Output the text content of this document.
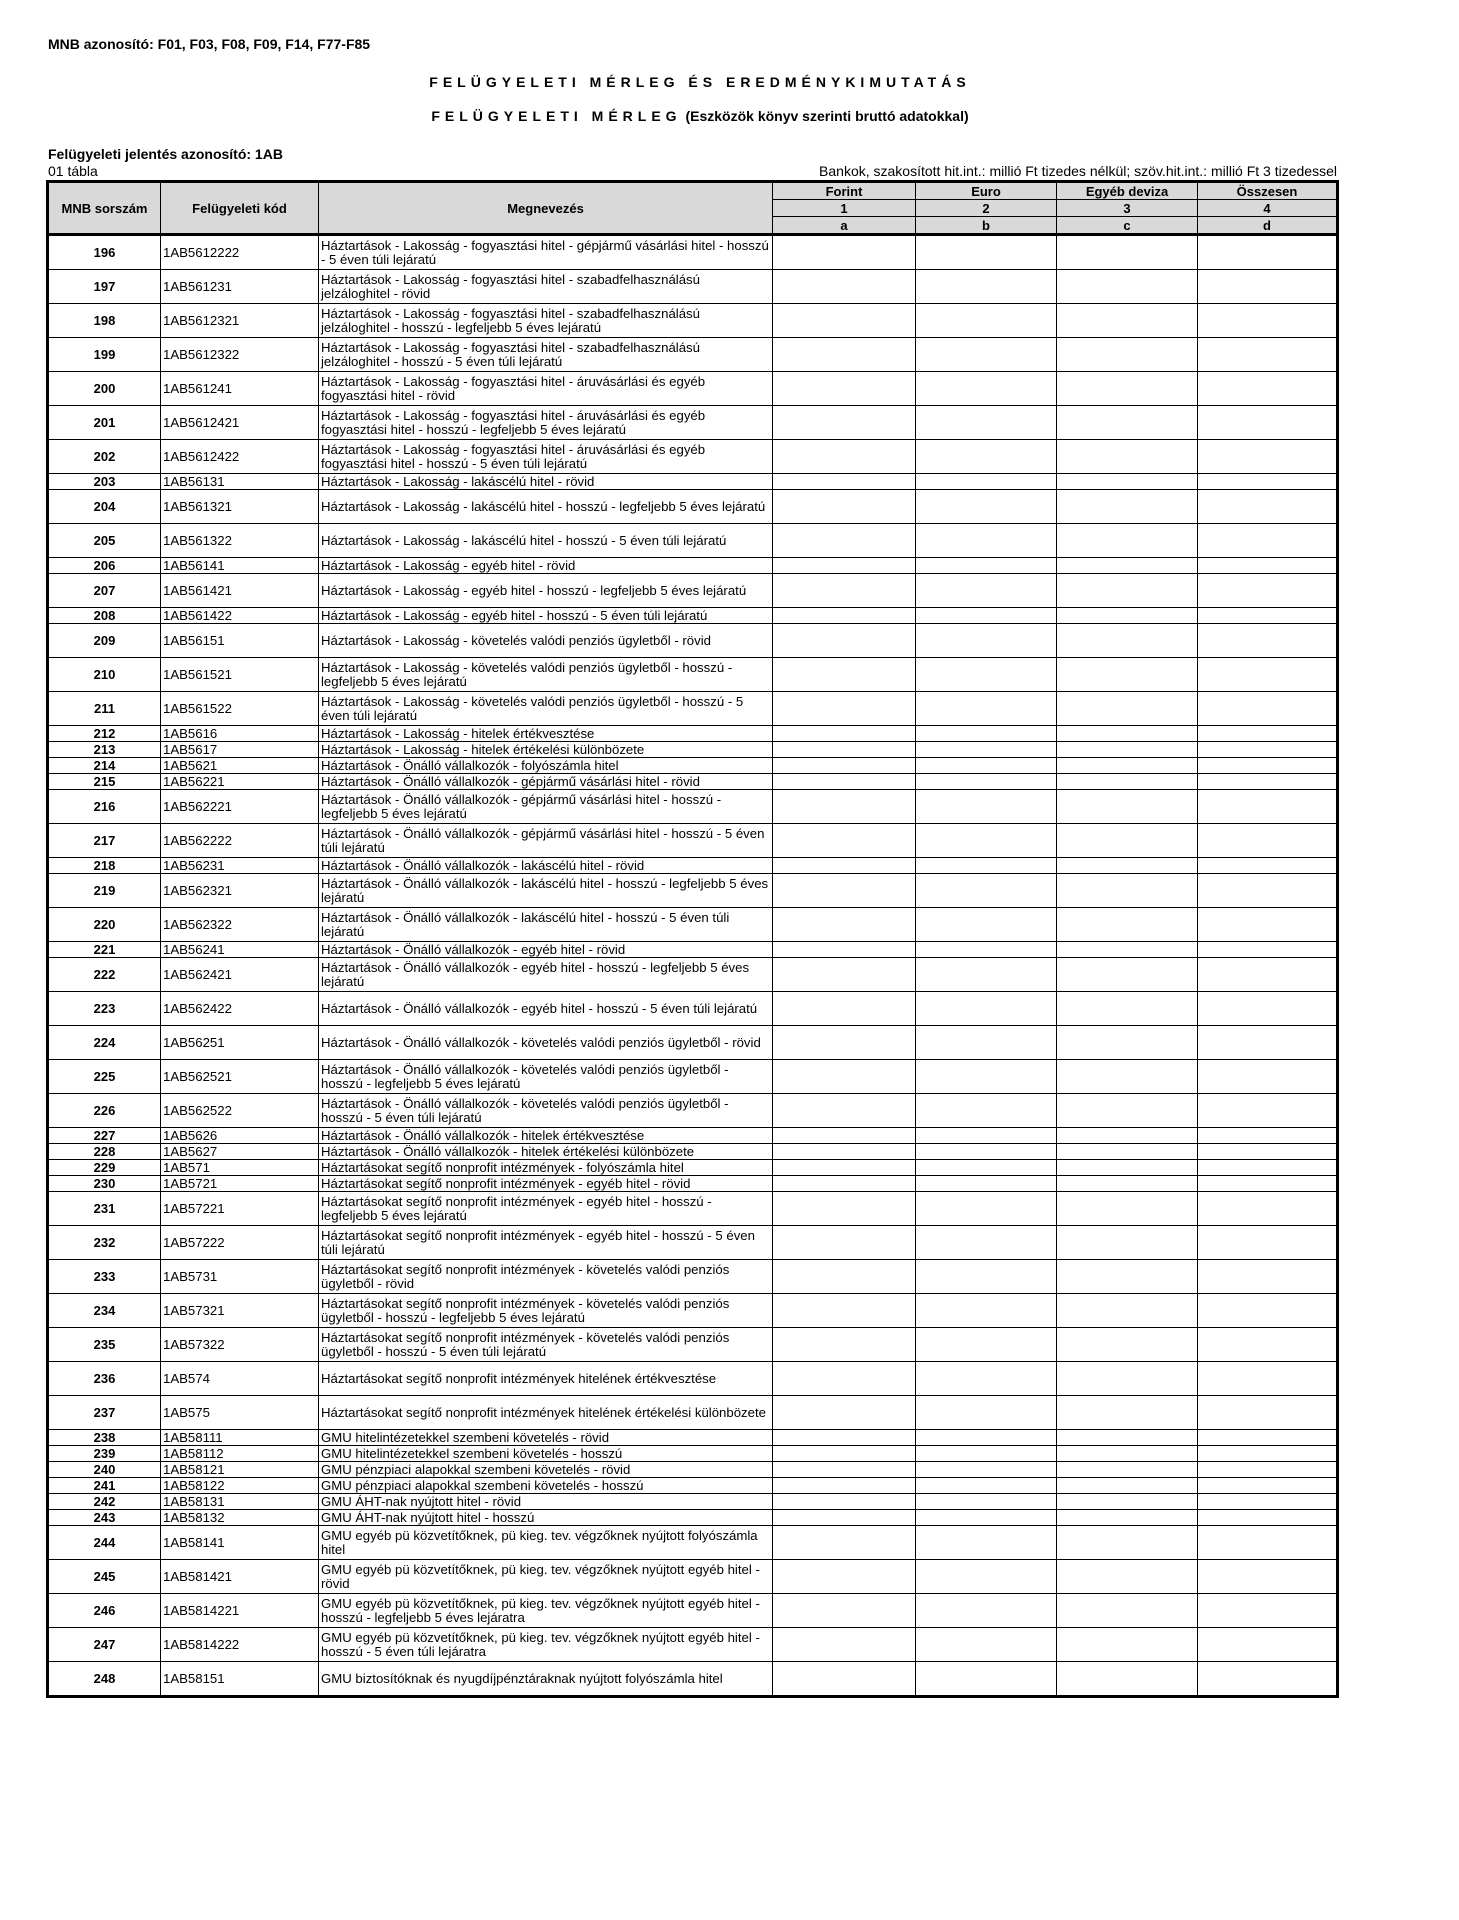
MNB azonosító: F01, F03, F08, F09, F14, F77-F85
FELÜGYELETI MÉRLEG ÉS EREDMÉNYKIMUTATÁS
FELÜGYELETI MÉRLEG (Eszközök könyv szerinti bruttó adatokkal)
Felügyeleti jelentés azonosító: 1AB
01 tábla	Bankok, szakosított hit.int.: millió Ft tizedes nélkül; szöv.hit.int.: millió Ft 3 tizedessel
MNB sorszám	Felügyeleti kód	Megnevezés	Forint	Euro	Egyéb deviza	Összesen
			1	2	3	4
			a	b	c	d
196	1AB5612222	Háztartások - Lakosság - fogyasztási hitel - gépjármű vásárlási hitel - hosszú - 5 éven túli lejáratú				
197	1AB561231	Háztartások - Lakosság - fogyasztási hitel - szabadfelhasználású jelzáloghitel - rövid				
198	1AB5612321	Háztartások - Lakosság - fogyasztási hitel - szabadfelhasználású jelzáloghitel - hosszú - legfeljebb 5 éves lejáratú				
199	1AB5612322	Háztartások - Lakosság - fogyasztási hitel - szabadfelhasználású jelzáloghitel - hosszú - 5 éven túli lejáratú				
200	1AB561241	Háztartások - Lakosság - fogyasztási hitel - áruvásárlási és egyéb fogyasztási hitel - rövid				
201	1AB5612421	Háztartások - Lakosság - fogyasztási hitel - áruvásárlási és egyéb fogyasztási hitel - hosszú - legfeljebb 5 éves lejáratú				
202	1AB5612422	Háztartások - Lakosság - fogyasztási hitel - áruvásárlási és egyéb fogyasztási hitel - hosszú - 5 éven túli lejáratú				
203	1AB56131	Háztartások - Lakosság - lakáscélú hitel - rövid				
204	1AB561321	Háztartások - Lakosság - lakáscélú hitel - hosszú - legfeljebb 5 éves lejáratú				
205	1AB561322	Háztartások - Lakosság - lakáscélú hitel - hosszú - 5 éven túli lejáratú				
206	1AB56141	Háztartások - Lakosság - egyéb hitel - rövid				
207	1AB561421	Háztartások - Lakosság - egyéb hitel - hosszú - legfeljebb 5 éves lejáratú				
208	1AB561422	Háztartások - Lakosság - egyéb hitel - hosszú - 5 éven túli lejáratú				
209	1AB56151	Háztartások - Lakosság - követelés valódi penziós ügyletből - rövid				
210	1AB561521	Háztartások - Lakosság - követelés valódi penziós ügyletből - hosszú - legfeljebb 5 éves lejáratú				
211	1AB561522	Háztartások - Lakosság - követelés valódi penziós ügyletből - hosszú - 5 éven túli lejáratú				
212	1AB5616	Háztartások - Lakosság - hitelek értékvesztése				
213	1AB5617	Háztartások - Lakosság - hitelek értékelési különbözete				
214	1AB5621	Háztartások - Önálló vállalkozók - folyószámla hitel				
215	1AB56221	Háztartások - Önálló vállalkozók - gépjármű vásárlási hitel - rövid				
216	1AB562221	Háztartások - Önálló vállalkozók - gépjármű vásárlási hitel - hosszú - legfeljebb 5 éves lejáratú				
217	1AB562222	Háztartások - Önálló vállalkozók - gépjármű vásárlási hitel - hosszú - 5 éven túli lejáratú				
218	1AB56231	Háztartások - Önálló vállalkozók - lakáscélú hitel - rövid				
219	1AB562321	Háztartások - Önálló vállalkozók - lakáscélú hitel - hosszú - legfeljebb 5 éves lejáratú				
220	1AB562322	Háztartások - Önálló vállalkozók - lakáscélú hitel - hosszú - 5 éven túli lejáratú				
221	1AB56241	Háztartások - Önálló vállalkozók - egyéb hitel - rövid				
222	1AB562421	Háztartások - Önálló vállalkozók - egyéb hitel - hosszú - legfeljebb 5 éves lejáratú				
223	1AB562422	Háztartások - Önálló vállalkozók - egyéb hitel - hosszú - 5 éven túli lejáratú				
224	1AB56251	Háztartások - Önálló vállalkozók - követelés valódi penziós ügyletből - rövid				
225	1AB562521	Háztartások - Önálló vállalkozók - követelés valódi penziós ügyletből - hosszú - legfeljebb 5 éves lejáratú				
226	1AB562522	Háztartások - Önálló vállalkozók - követelés valódi penziós ügyletből - hosszú - 5 éven túli lejáratú				
227	1AB5626	Háztartások - Önálló vállalkozók - hitelek értékvesztése				
228	1AB5627	Háztartások - Önálló vállalkozók - hitelek értékelési különbözete				
229	1AB571	Háztartásokat segítő nonprofit intézmények - folyószámla hitel				
230	1AB5721	Háztartásokat segítő nonprofit intézmények - egyéb hitel - rövid				
231	1AB57221	Háztartásokat segítő nonprofit intézmények - egyéb hitel - hosszú - legfeljebb 5 éves lejáratú				
232	1AB57222	Háztartásokat segítő nonprofit intézmények - egyéb hitel - hosszú - 5 éven túli lejáratú				
233	1AB5731	Háztartásokat segítő nonprofit intézmények - követelés valódi penziós ügyletből - rövid				
234	1AB57321	Háztartásokat segítő nonprofit intézmények - követelés valódi penziós ügyletből - hosszú - legfeljebb 5 éves lejáratú				
235	1AB57322	Háztartásokat segítő nonprofit intézmények - követelés valódi penziós ügyletből - hosszú - 5 éven túli lejáratú				
236	1AB574	Háztartásokat segítő nonprofit intézmények hitelének értékvesztése				
237	1AB575	Háztartásokat segítő nonprofit intézmények hitelének értékelési különbözete				
238	1AB58111	GMU hitelintézetekkel szembeni követelés - rövid				
239	1AB58112	GMU hitelintézetekkel szembeni követelés - hosszú				
240	1AB58121	GMU pénzpiaci alapokkal szembeni követelés - rövid				
241	1AB58122	GMU pénzpiaci alapokkal szembeni követelés - hosszú				
242	1AB58131	GMU ÁHT-nak nyújtott hitel - rövid				
243	1AB58132	GMU ÁHT-nak nyújtott hitel - hosszú				
244	1AB58141	GMU egyéb pü közvetítőknek, pü kieg. tev. végzőknek nyújtott folyószámla hitel				
245	1AB581421	GMU egyéb pü közvetítőknek, pü kieg. tev. végzőknek nyújtott egyéb hitel - rövid				
246	1AB5814221	GMU egyéb pü közvetítőknek, pü kieg. tev. végzőknek nyújtott egyéb hitel - hosszú - legfeljebb 5 éves lejáratra				
247	1AB5814222	GMU egyéb pü közvetítőknek, pü kieg. tev. végzőknek nyújtott egyéb hitel - hosszú - 5 éven túli lejáratra				
248	1AB58151	GMU biztosítóknak és nyugdíjpénztáraknak nyújtott folyószámla hitel				
